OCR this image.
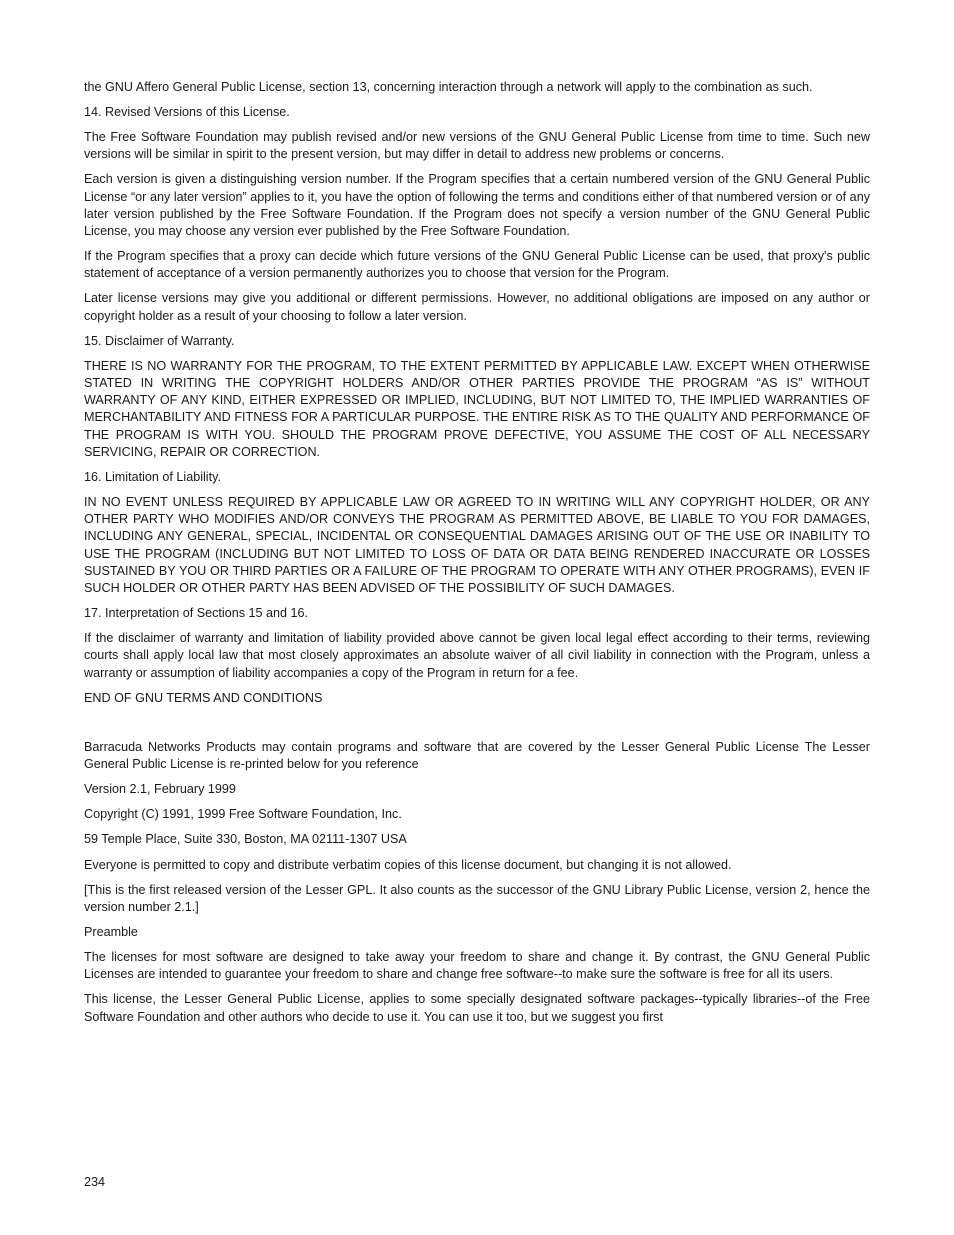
the GNU Affero General Public License, section 13, concerning interaction through a network will apply to the combination as such.

14. Revised Versions of this License.

The Free Software Foundation may publish revised and/or new versions of the GNU General Public License from time to time. Such new versions will be similar in spirit to the present version, but may differ in detail to address new problems or concerns.

Each version is given a distinguishing version number. If the Program specifies that a certain numbered version of the GNU General Public License “or any later version” applies to it, you have the option of following the terms and conditions either of that numbered version or of any later version published by the Free Software Foundation. If the Program does not specify a version number of the GNU General Public License, you may choose any version ever published by the Free Software Foundation.

If the Program specifies that a proxy can decide which future versions of the GNU General Public License can be used, that proxy's public statement of acceptance of a version permanently authorizes you to choose that version for the Program.

Later license versions may give you additional or different permissions. However, no additional obligations are imposed on any author or copyright holder as a result of your choosing to follow a later version.

15. Disclaimer of Warranty.

THERE IS NO WARRANTY FOR THE PROGRAM, TO THE EXTENT PERMITTED BY APPLICABLE LAW. EXCEPT WHEN OTHERWISE STATED IN WRITING THE COPYRIGHT HOLDERS AND/OR OTHER PARTIES PROVIDE THE PROGRAM “AS IS” WITHOUT WARRANTY OF ANY KIND, EITHER EXPRESSED OR IMPLIED, INCLUDING, BUT NOT LIMITED TO, THE IMPLIED WARRANTIES OF MERCHANTABILITY AND FITNESS FOR A PARTICULAR PURPOSE. THE ENTIRE RISK AS TO THE QUALITY AND PERFORMANCE OF THE PROGRAM IS WITH YOU. SHOULD THE PROGRAM PROVE DEFECTIVE, YOU ASSUME THE COST OF ALL NECESSARY SERVICING, REPAIR OR CORRECTION.

16. Limitation of Liability.

IN NO EVENT UNLESS REQUIRED BY APPLICABLE LAW OR AGREED TO IN WRITING WILL ANY COPYRIGHT HOLDER, OR ANY OTHER PARTY WHO MODIFIES AND/OR CONVEYS THE PROGRAM AS PERMITTED ABOVE, BE LIABLE TO YOU FOR DAMAGES, INCLUDING ANY GENERAL, SPECIAL, INCIDENTAL OR CONSEQUENTIAL DAMAGES ARISING OUT OF THE USE OR INABILITY TO USE THE PROGRAM (INCLUDING BUT NOT LIMITED TO LOSS OF DATA OR DATA BEING RENDERED INACCURATE OR LOSSES SUSTAINED BY YOU OR THIRD PARTIES OR A FAILURE OF THE PROGRAM TO OPERATE WITH ANY OTHER PROGRAMS), EVEN IF SUCH HOLDER OR OTHER PARTY HAS BEEN ADVISED OF THE POSSIBILITY OF SUCH DAMAGES.

17. Interpretation of Sections 15 and 16.

If the disclaimer of warranty and limitation of liability provided above cannot be given local legal effect according to their terms, reviewing courts shall apply local law that most closely approximates an absolute waiver of all civil liability in connection with the Program, unless a warranty or assumption of liability accompanies a copy of the Program in return for a fee.

END OF GNU TERMS AND CONDITIONS

Barracuda Networks Products may contain programs and software that are covered by the Lesser General Public License The Lesser General Public License is re-printed below for you reference

Version 2.1, February 1999

Copyright (C) 1991, 1999 Free Software Foundation, Inc.

59 Temple Place, Suite 330, Boston, MA 02111-1307 USA

Everyone is permitted to copy and distribute verbatim copies of this license document, but changing it is not allowed.

[This is the first released version of the Lesser GPL. It also counts as the successor of the GNU Library Public License, version 2, hence the version number 2.1.]

Preamble

The licenses for most software are designed to take away your freedom to share and change it. By contrast, the GNU General Public Licenses are intended to guarantee your freedom to share and change free software--to make sure the software is free for all its users.

This license, the Lesser General Public License, applies to some specially designated software packages--typically libraries--of the Free Software Foundation and other authors who decide to use it. You can use it too, but we suggest you first

234
